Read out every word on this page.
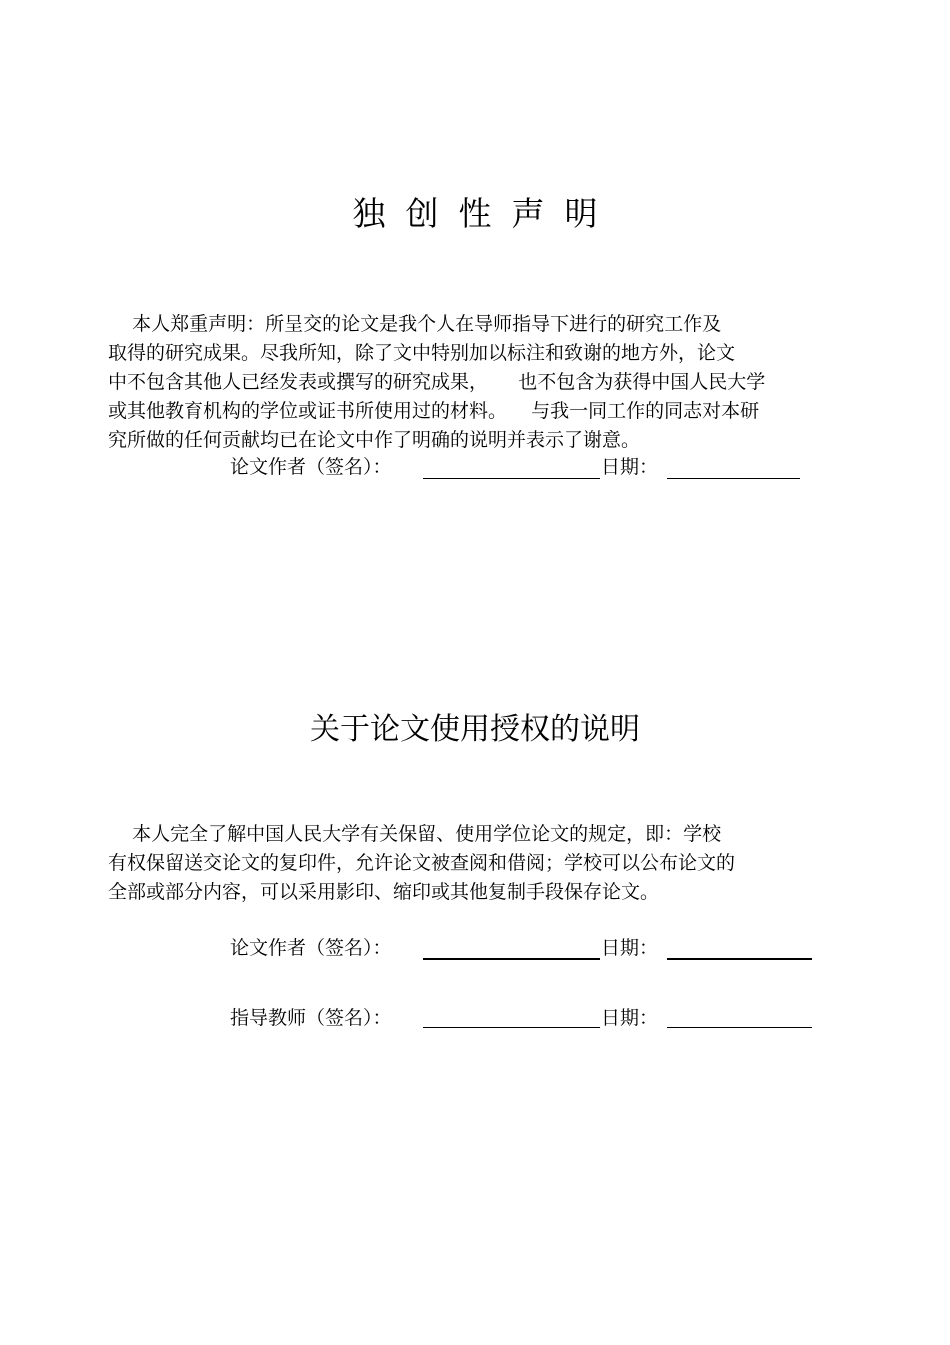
独创性声明

本人郑重声明：所呈交的论文是我个人在导师指导下进行的研究工作及
取得的研究成果。尽我所知，除了文中特别加以标注和致谢的地方外，论文
中不包含其他人已经发表或撰写的研究成果，     也不包含为获得中国人民大学
或其他教育机构的学位或证书所使用过的材料。    与我一同工作的同志对本研
究所做的任何贡献均已在论文中作了明确的说明并表示了谢意。

论文作者（签名）：	日期：
关于论文使用授权的说明

本人完全了解中国人民大学有关保留、使用学位论文的规定，即：学校
有权保留送交论文的复印件，允许论文被查阅和借阅；学校可以公布论文的
全部或部分内容，可以采用影印、缩印或其他复制手段保存论文。

论文作者（签名）：	日期：
指导教师（签名）：	日期：
